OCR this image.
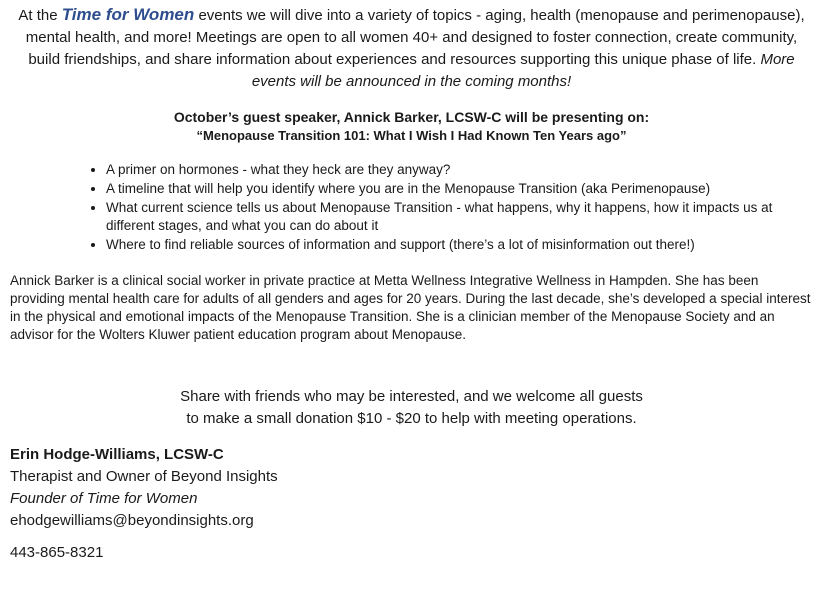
At the Time for Women events we will dive into a variety of topics - aging, health (menopause and perimenopause), mental health, and more! Meetings are open to all women 40+ and designed to foster connection, create community, build friendships, and share information about experiences and resources supporting this unique phase of life. More events will be announced in the coming months!

October’s guest speaker, Annick Barker, LCSW-C will be presenting on:
“Menopause Transition 101: What I Wish I Had Known Ten Years ago”
• A primer on hormones - what they heck are they anyway?
• A timeline that will help you identify where you are in the Menopause Transition (aka Perimenopause)
• What current science tells us about Menopause Transition - what happens, why it happens, how it impacts us at different stages, and what you can do about it
• Where to find reliable sources of information and support (there’s a lot of misinformation out there!)
Annick Barker is a clinical social worker in private practice at Metta Wellness Integrative Wellness in Hampden. She has been providing mental health care for adults of all genders and ages for 20 years. During the last decade, she’s developed a special interest in the physical and emotional impacts of the Menopause Transition. She is a clinician member of the Menopause Society and an advisor for the Wolters Kluwer patient education program about Menopause.
Share with friends who may be interested, and we welcome all guests
to make a small donation $10 - $20 to help with meeting operations.
Erin Hodge-Williams, LCSW-C
Therapist and Owner of Beyond Insights
Founder of Time for Women
ehodgewilliams@beyondinsights.org
443-865-8321
